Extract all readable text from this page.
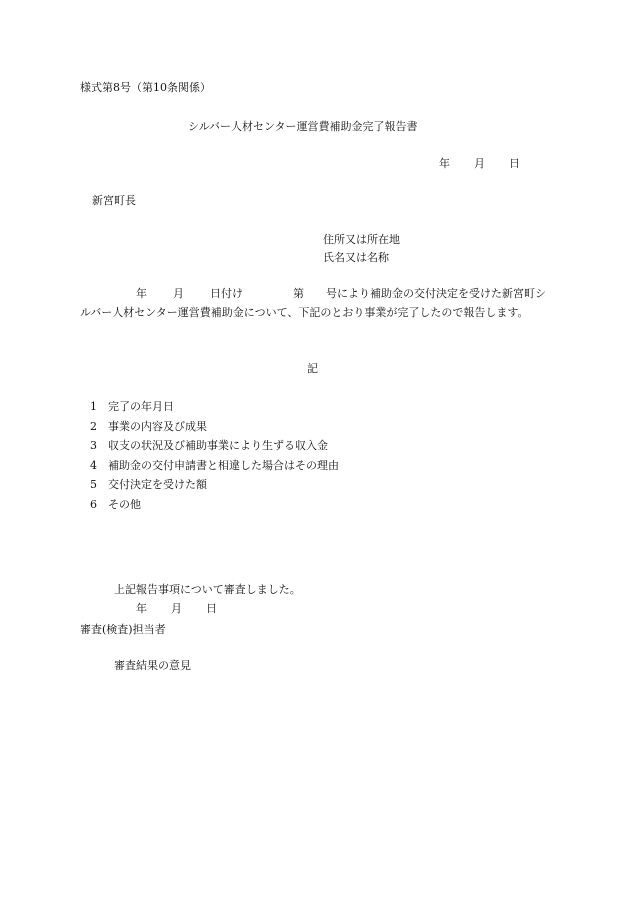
様式第8号（第10条関係）
シルバー人材センター運営費補助金完了報告書
年 月 日
新宮町長
住所又は所在地
氏名又は名称
年 月 日付け	第 号により補助金の交付決定を受けた新宮町シルバー人材センター運営費補助金について、下記のとおり事業が完了したので報告します。
記
1 完了の年月日
2 事業の内容及び成果
3 収支の状況及び補助事業により生ずる収入金
4 補助金の交付申請書と相違した場合はその理由
5 交付決定を受けた額
6 その他
上記報告事項について審査しました。
年 月 日
審査(検査)担当者
審査結果の意見
